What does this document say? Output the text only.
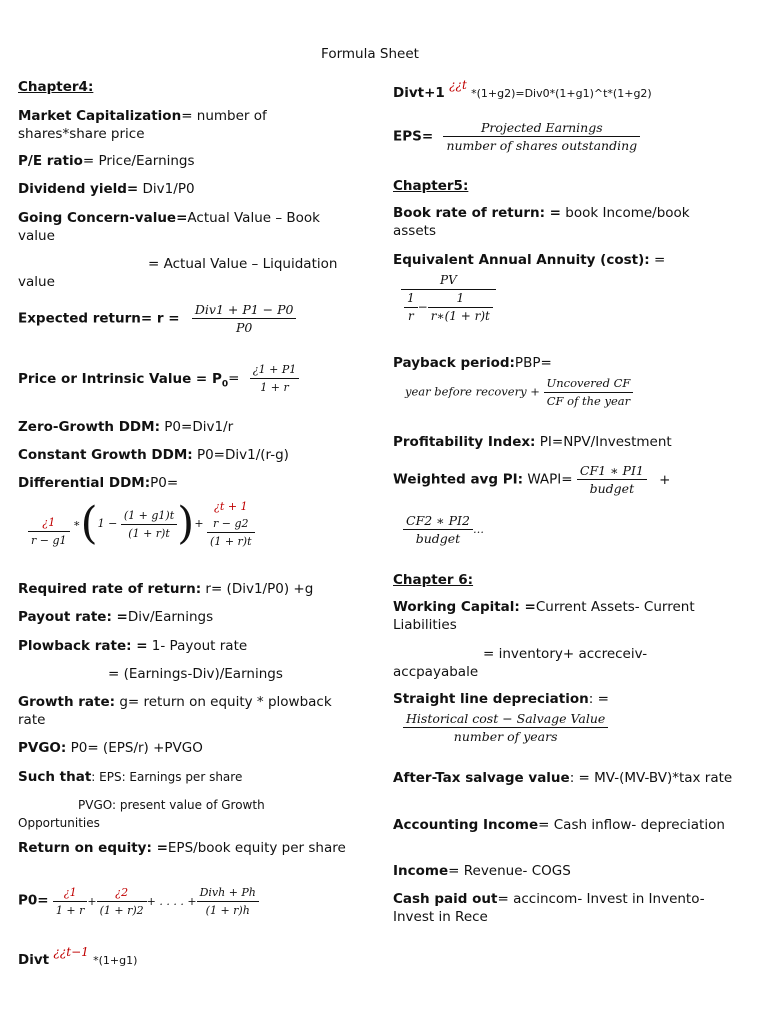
Formula Sheet
Chapter4:
Market Capitalization= number of shares*share price
P/E ratio= Price/Earnings
Dividend yield= Div1/P0
Going Concern-value=Actual Value – Book value
= Actual Value – Liquidation
value
Expected return= r =
Div1 + P1 − P0
P0
Price or Intrinsic Value = $P_0= \frac{¿1 + P1}{1 + r}$
Zero-Growth DDM: P0=Div1/r
Constant Growth DDM: P0=Div1/(r-g)
Differential DDM:P0=
$\frac{¿1}{r - g1}$ ∗(1 − $\frac{(1 + g1)t}{(1 + r)t}$ )+
¿t + 1
r − g2
(1 + r)t
Required rate of return: r= (Div1/P0) +g
Payout rate: =Div/Earnings
Plowback rate: = 1- Payout rate
= (Earnings-Div)/Earnings
Growth rate: g= return on equity * plowback rate
PVGO: P0= (EPS/r) +PVGO
Such that: EPS: Earnings per share
PVGO: present value of Growth Opportunities
Return on equity: =EPS/book equity per share
$P0= \frac{¿1}{1 + r} + \frac{¿2}{(1 + r)2}$ + . . . . +
Divh + Ph
(1 + r)h
Divt ¿¿t−1 *(1+g1)
Divt+1 ¿¿t *(1+g2)=Div0*(1+g1)^t*(1+g2)
EPS=
Projected Earnings
number of shares outstanding
Chapter5:
Book rate of return: = book Income/book assets
Equivalent Annual Annuity (cost): =
$\frac{PV}{\frac{1}{r} - \frac{1}{r∗(1 + r)t}}$
Payback period:PBP=
year before recovery +
Uncovered CF
CF of the year
Profitability Index: PI=NPV/Investment
Weighted avg PI: WAPI=
CF1 ∗ PI1
budget
+
CF2 ∗ PI2
budget
…
Chapter 6:
Working Capital: =Current Assets- Current Liabilities
= inventory+ accreceiv-
accpayabale
Straight line depreciation: =
Historical cost − Salvage Value
number of years
After-Tax salvage value: = MV-(MV-BV)*tax rate
Accounting Income= Cash inflow- depreciation
Income= Revenue- COGS
Cash paid out= accincom- Invest in Invento- Invest in Rece
